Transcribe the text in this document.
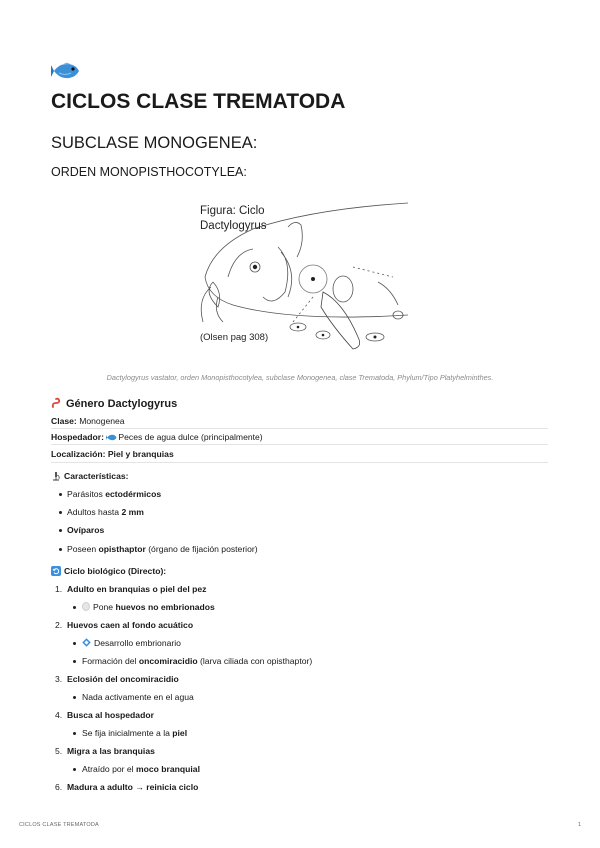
CICLOS CLASE TREMATODA
SUBCLASE MONOGENEA:
ORDEN MONOPISTHOCOTYLEA:
Figura: Ciclo
Dactylogyrus
(Olsen pag 308)
Dactylogyrus vastator, orden Monopisthocotylea, subclase Monogenea, clase Trematoda, Phylum/Tipo Platyhelminthes.
Género Dactylogyrus
Clase: Monogenea
Hospedador: Peces de agua dulce (principalmente)
Localización: Piel y branquias
Características:
Parásitos ectodérmicos
Adultos hasta 2 mm
Ovíparos
Poseen opisthaptor (órgano de fijación posterior)
Ciclo biológico (Directo):
1. Adulto en branquias o piel del pez
Pone huevos no embrionados
2. Huevos caen al fondo acuático
Desarrollo embrionario
Formación del oncomiracidio (larva ciliada con opisthaptor)
3. Eclosión del oncomiracidio
Nada activamente en el agua
4. Busca al hospedador
Se fija inicialmente a la piel
5. Migra a las branquias
Atraído por el moco branquial
6. Madura a adulto → reinicia ciclo
CICLOS CLASE TREMATODA	1
